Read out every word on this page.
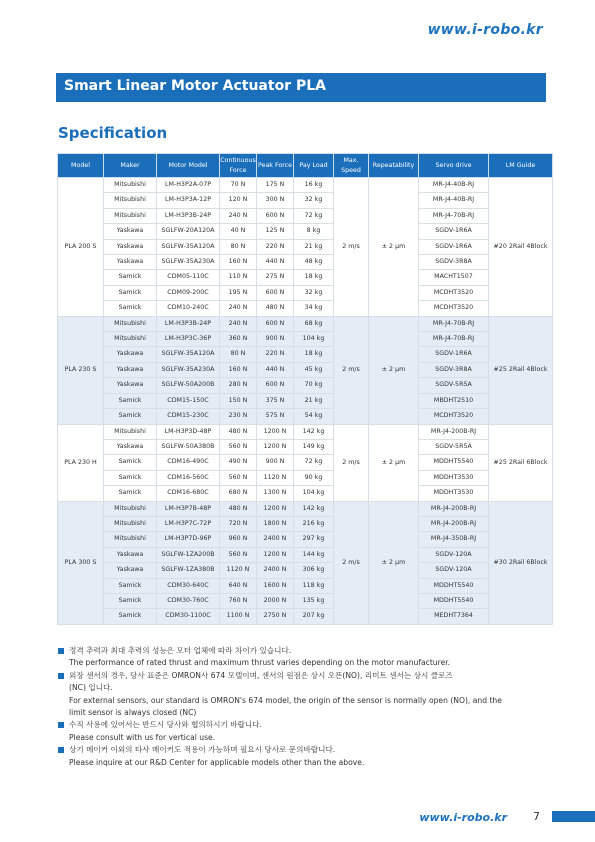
www.i-robo.kr
Smart Linear Motor Actuator PLA
Specification
Model	Maker	Motor Model	Continuous Force	Peak Force	Pay Load	Max. Speed	Repeatability	Servo drive	LM Guide
PLA 200 S	Mitsubishi	LM-H3P2A-07P	70 N	175 N	16 kg	2 m/s	± 2 μm	MR-J4-40B-RJ	#20 2Rail 4Block
	Mitsubishi	LM-H3P3A-12P	120 N	300 N	32 kg			MR-J4-40B-RJ	
	Mitsubishi	LM-H3P3B-24P	240 N	600 N	72 kg			MR-J4-70B-RJ	
	Yaskawa	SGLFW-20A120A	40 N	125 N	8 kg			SGDV-1R6A	
	Yaskawa	SGLFW-35A120A	80 N	220 N	21 kg			SGDV-1R6A	
	Yaskawa	SGLFW-35A230A	160 N	440 N	48 kg			SGDV-3R8A	
	Samick	CDM05-110C	110 N	275 N	18 kg			MACHT1507	
	Samick	CDM09-200C	195 N	600 N	32 kg			MCDHT3520	
	Samick	CDM10-240C	240 N	480 N	34 kg			MCDHT3520	
PLA 230 S	Mitsubishi	LM-H3P3B-24P	240 N	600 N	68 kg	2 m/s	± 2 μm	MR-J4-70B-RJ	#25 2Rail 4Block
	Mitsubishi	LM-H3P3C-36P	360 N	900 N	104 kg			MR-J4-70B-RJ	
	Yaskawa	SGLFW-35A120A	80 N	220 N	18 kg			SGDV-1R6A	
	Yaskawa	SGLFW-35A230A	160 N	440 N	45 kg			SGDV-3R8A	
	Yaskawa	SGLFW-50A200B	280 N	600 N	70 kg			SGDV-5R5A	
	Samick	CDM15-150C	150 N	375 N	21 kg			MBDHT2510	
	Samick	CDM15-230C	230 N	575 N	54 kg			MCDHT3520	
PLA 230 H	Mitsubishi	LM-H3P3D-48P	480 N	1200 N	142 kg	2 m/s	± 2 μm	MR-J4-200B-RJ	#25 2Rail 6Block
	Yaskawa	SGLFW-50A380B	560 N	1200 N	149 kg			SGDV-5R5A	
	Samick	CDM16-490C	490 N	900 N	72 kg			MDDHT5540	
	Samick	CDM16-560C	560 N	1120 N	90 kg			MDDHT3530	
	Samick	CDM16-680C	680 N	1300 N	104 kg			MDDHT3530	
PLA 300 S	Mitsubishi	LM-H3P7B-48P	480 N	1200 N	142 kg	2 m/s	± 2 μm	MR-J4-200B-RJ	#30 2Rail 6Block
	Mitsubishi	LM-H3P7C-72P	720 N	1800 N	216 kg			MR-J4-200B-RJ	
	Mitsubishi	LM-H3P7D-96P	960 N	2400 N	297 kg			MR-J4-350B-RJ	
	Yaskawa	SGLFW-1ZA200B	560 N	1200 N	144 kg			SGDV-120A	
	Yaskawa	SGLFW-1ZA380B	1120 N	2400 N	306 kg			SGDV-120A	
	Samick	CDM30-640C	640 N	1600 N	118 kg			MDDHT5540	
	Samick	CDM30-760C	760 N	2000 N	135 kg			MDDHT5540	
	Samick	CDM30-1100C	1100 N	2750 N	207 kg			MEDHT7364	
정격 추력과 최대 추력의 성능은 모터 업체에 따라 차이가 있습니다.
The performance of rated thrust and maximum thrust varies depending on the motor manufacturer.
외장 센서의 경우, 당사 표준은 OMRON사 674 모델이며, 센서의 원점은 상시 오픈(NO), 리미트 센서는 상시 클로즈
(NC) 입니다.
For external sensors, our standard is OMRON's 674 model, the origin of the sensor is normally open (NO), and the
limit sensor is always closed (NC)
수직 사용에 있어서는 반드시 당사와 협의하시기 바랍니다.
Please consult with us for vertical use.
상기 메이커 이외의 타사 메이커도 적용이 가능하며 필요시 당사로 문의바랍니다.
Please inquire at our R&D Center for applicable models other than the above.
www.i-robo.kr 7
